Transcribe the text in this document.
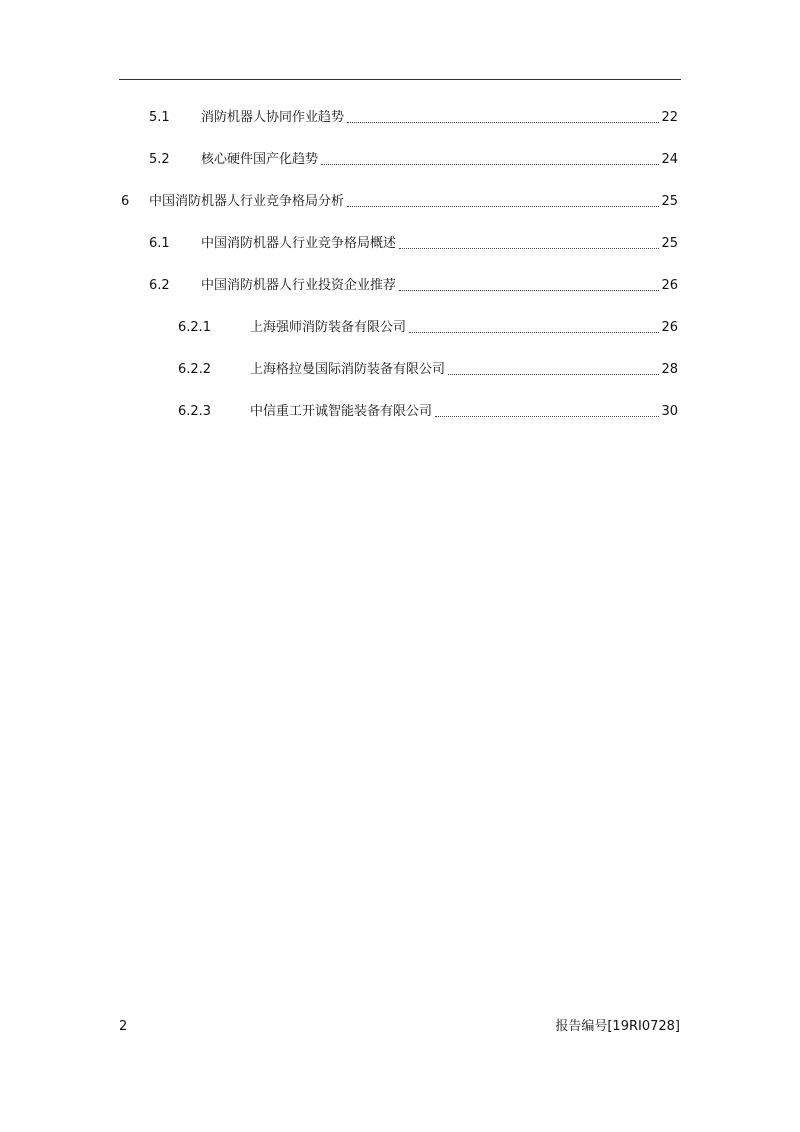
5.1 消防机器人协同作业趋势	22
5.2 核心硬件国产化趋势	24
6 中国消防机器人行业竞争格局分析	25
6.1 中国消防机器人行业竞争格局概述	25
6.2 中国消防机器人行业投资企业推荐	26
6.2.1	上海强师消防装备有限公司	26
6.2.2	上海格拉曼国际消防装备有限公司	28
6.2.3	中信重工开诚智能装备有限公司	30
2	报告编号[19RI0728]
